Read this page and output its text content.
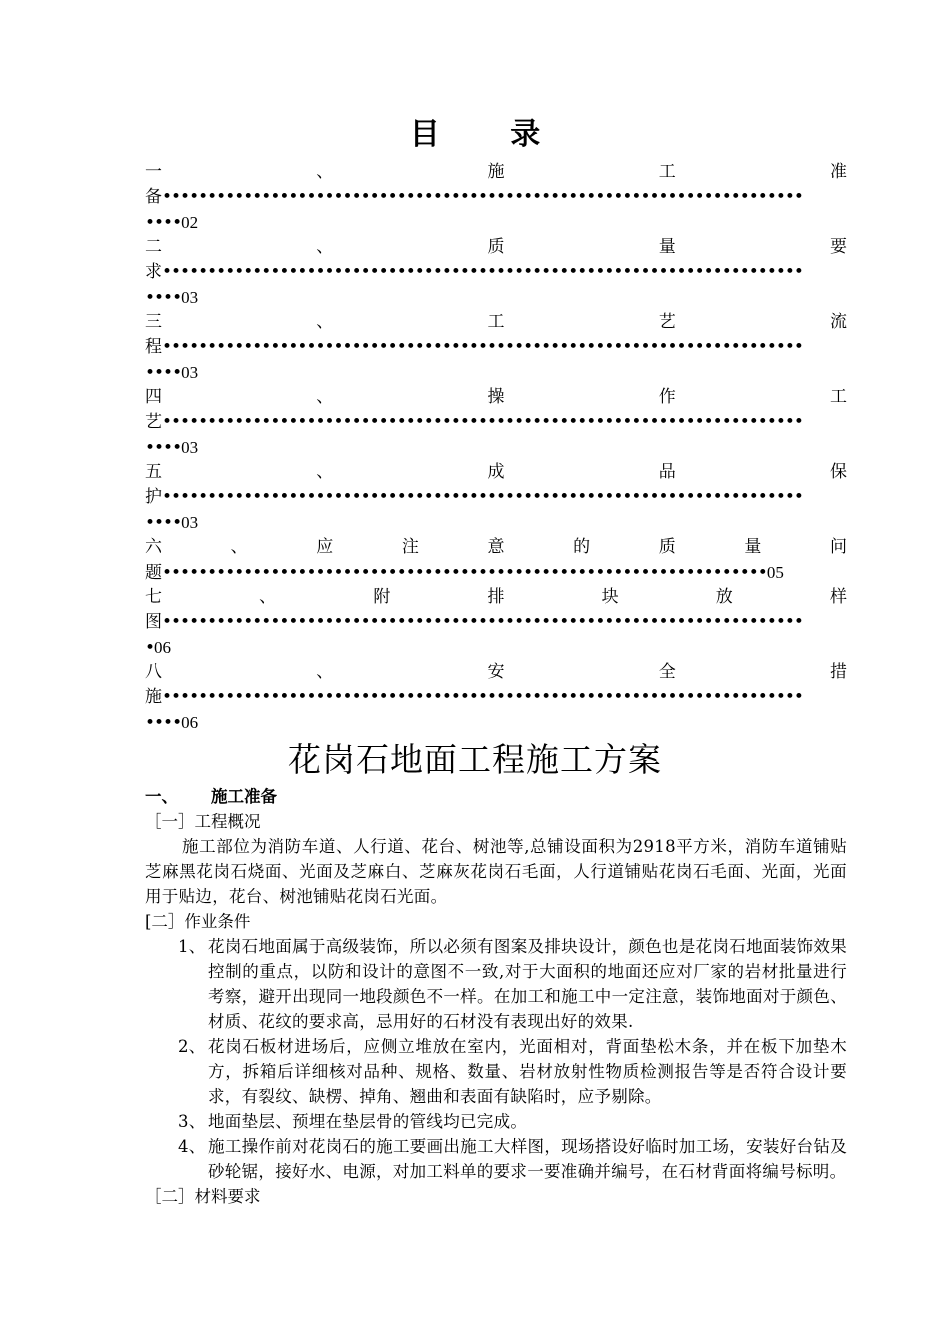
目 录
一	、	施	工	准
备•••••••••••••••••••••••••••••••••••••••••••••••••••••••••••••••••••••••
••••02
二	、	质	量	要
求•••••••••••••••••••••••••••••••••••••••••••••••••••••••••••••••••••••••
••••03
三	、	工	艺	流
程•••••••••••••••••••••••••••••••••••••••••••••••••••••••••••••••••••••••
••••03
四	、	操	作	工
艺•••••••••••••••••••••••••••••••••••••••••••••••••••••••••••••••••••••••
••••03
五	、	成	品	保
护•••••••••••••••••••••••••••••••••••••••••••••••••••••••••••••••••••••••
••••03
六	、	应	注	意	的	质	量	问
题•••••••••••••••••••••••••••••••••••••••••••••••••••••••••••••••••••05
七	、	附	排	块	放	样
图•••••••••••••••••••••••••••••••••••••••••••••••••••••••••••••••••••••••
•06
八	、	安	全	措
施•••••••••••••••••••••••••••••••••••••••••••••••••••••••••••••••••••••••
••••06
花岗石地面工程施工方案
一、 施工准备
［一］工程概况
施工部位为消防车道、人行道、花台、树池等,总铺设面积为2918平方米，消防车道铺贴芝麻黑花岗石烧面、光面及芝麻白、芝麻灰花岗石毛面，人行道铺贴花岗石毛面、光面，光面用于贴边，花台、树池铺贴花岗石光面。
[二］作业条件
1、 花岗石地面属于高级装饰，所以必须有图案及排块设计，颜色也是花岗石地面装饰效果控制的重点，以防和设计的意图不一致,对于大面积的地面还应对厂家的岩材批量进行考察，避开出现同一地段颜色不一样。在加工和施工中一定注意，装饰地面对于颜色、材质、花纹的要求高，忌用好的石材没有表现出好的效果.
2、 花岗石板材进场后，应侧立堆放在室内，光面相对，背面垫松木条，并在板下加垫木方，拆箱后详细核对品种、规格、数量、岩材放射性物质检测报告等是否符合设计要求，有裂纹、缺楞、掉角、翘曲和表面有缺陷时，应予剔除。
3、 地面垫层、预埋在垫层骨的管线均已完成。
4、 施工操作前对花岗石的施工要画出施工大样图，现场搭设好临时加工场，安装好台钻及砂轮锯，接好水、电源，对加工料单的要求一要准确并编号，在石材背面将编号标明。
［二］材料要求
